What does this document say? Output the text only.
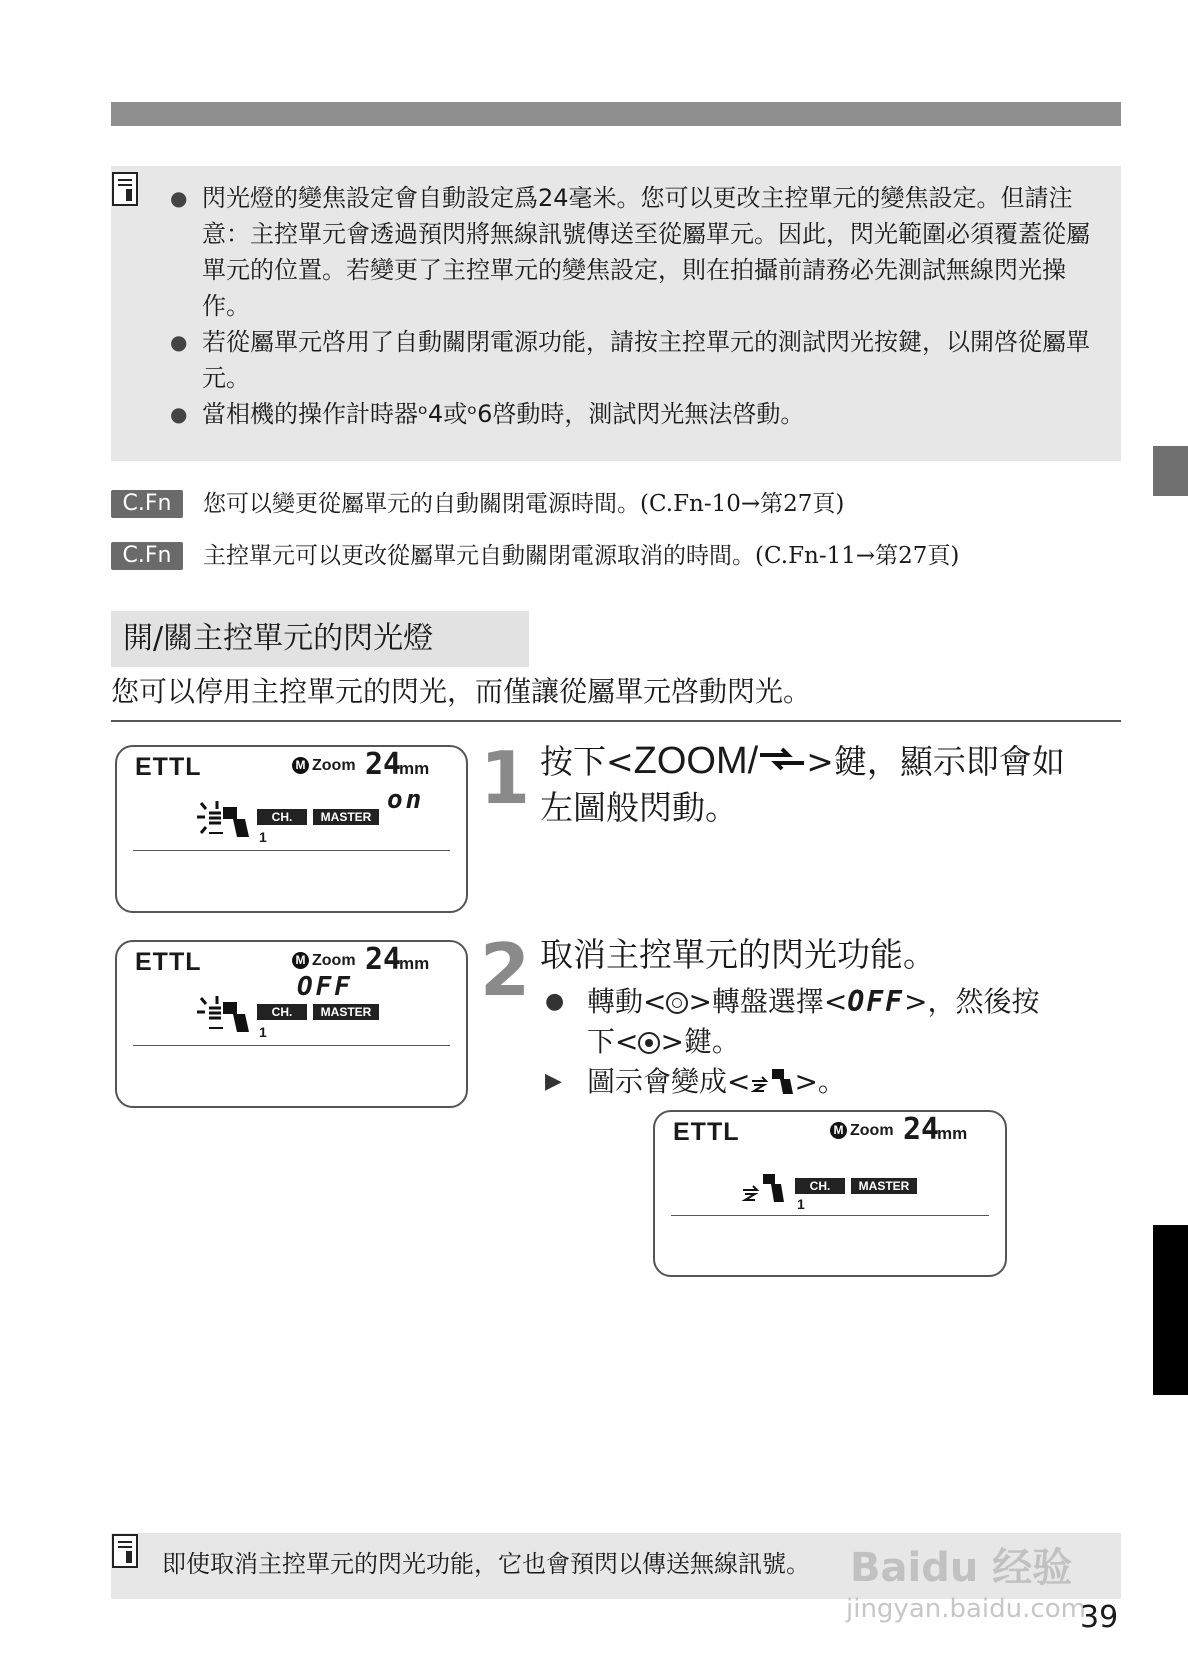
● 閃光燈的變焦設定會自動設定爲24毫米。您可以更改主控單元的變焦設定。但請注意：主控單元會透過預閃將無線訊號傳送至從屬單元。因此，閃光範圍必須覆蓋從屬單元的位置。若變更了主控單元的變焦設定，則在拍攝前請務必先測試無線閃光操作。
● 若從屬單元啓用了自動關閉電源功能，請按主控單元的測試閃光按鍵，以開啓從屬單元。
● 當相機的操作計時器ᵒ4或ᵒ6啓動時，測試閃光無法啓動。
C.Fn	您可以變更從屬單元的自動關閉電源時間。(C.Fn-10→第27頁)
C.Fn	主控單元可以更改從屬單元自動關閉電源取消的時間。(C.Fn-11→第27頁)
開/關主控單元的閃光燈
您可以停用主控單元的閃光，而僅讓從屬單元啓動閃光。
ETTL	M Zoom 24
mm
on
CH.	MASTER
1
1 按下<ZOOM/ >鍵，顯示即會如
左圖般閃動。
ETTL	M Zoom 24
mm
OFF
CH.	MASTER
1
2 取消主控單元的閃光功能。
● 轉動< >轉盤選擇<OFF>，然後按
下< >鍵。
▶ 圖示會變成< >。
ETTL	M Zoom 24
mm
CH.	MASTER
1
即使取消主控單元的閃光功能，它也會預閃以傳送無線訊號。 Baidu 经验
jingyan.baidu.com
39
